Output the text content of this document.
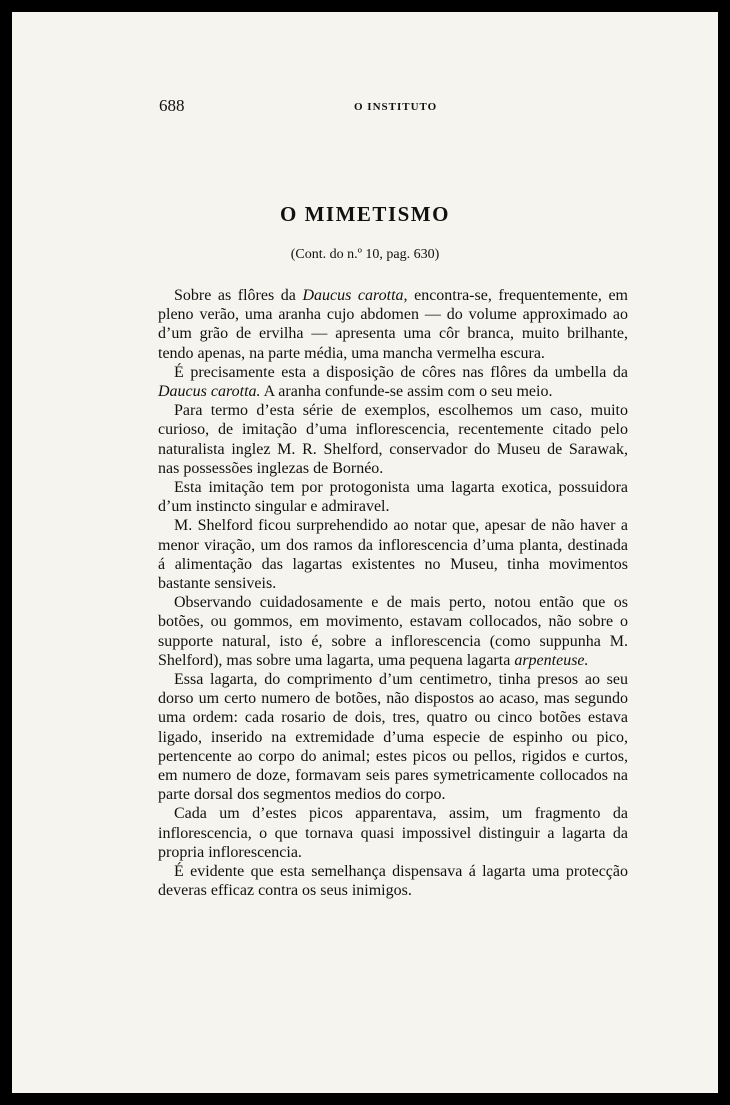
688	O INSTITUTO
O MIMETISMO
(Cont. do n.º 10, pag. 630)

Sobre as flôres da Daucus carotta, encontra-se, frequentemente, em pleno verão, uma aranha cujo abdomen — do volume approximado ao d’um grão de ervilha — apresenta uma côr branca, muito brilhante, tendo apenas, na parte média, uma mancha vermelha escura.

É precisamente esta a disposição de côres nas flôres da umbella da Daucus carotta. A aranha confunde-se assim com o seu meio.

Para termo d’esta série de exemplos, escolhemos um caso, muito curioso, de imitação d’uma inflorescencia, recentemente citado pelo naturalista inglez M. R. Shelford, conservador do Museu de Sarawak, nas possessões inglezas de Bornéo.

Esta imitação tem por protogonista uma lagarta exotica, possuidora d’um instincto singular e admiravel.

M. Shelford ficou surprehendido ao notar que, apesar de não haver a menor viração, um dos ramos da inflorescencia d’uma planta, destinada á alimentação das lagartas existentes no Museu, tinha movimentos bastante sensiveis.

Observando cuidadosamente e de mais perto, notou então que os botões, ou gommos, em movimento, estavam collocados, não sobre o supporte natural, isto é, sobre a inflorescencia (como suppunha M. Shelford), mas sobre uma lagarta, uma pequena lagarta arpenteuse.

Essa lagarta, do comprimento d’um centimetro, tinha presos ao seu dorso um certo numero de botões, não dispostos ao acaso, mas segundo uma ordem: cada rosario de dois, tres, quatro ou cinco botões estava ligado, inserido na extremidade d’uma especie de espinho ou pico, pertencente ao corpo do animal; estes picos ou pellos, rigidos e curtos, em numero de doze, formavam seis pares symetricamente collocados na parte dorsal dos segmentos medios do corpo.

Cada um d’estes picos apparentava, assim, um fragmento da inflorescencia, o que tornava quasi impossivel distinguir a lagarta da propria inflorescencia.

É evidente que esta semelhança dispensava á lagarta uma protecção deveras efficaz contra os seus inimigos.
